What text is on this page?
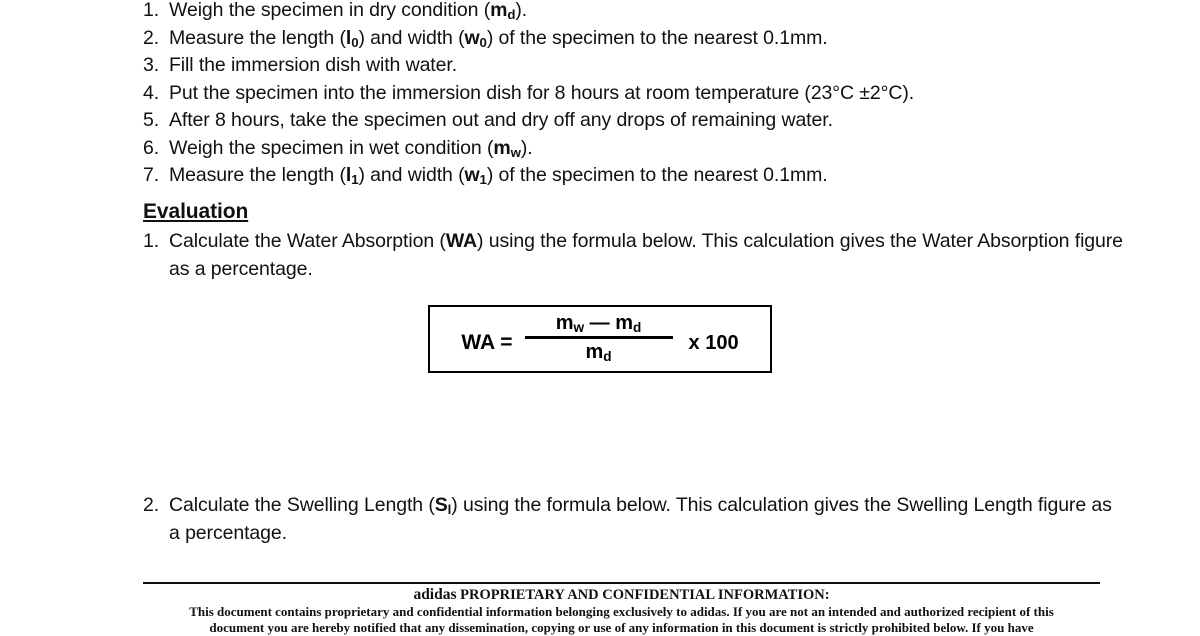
1. Weigh the specimen in dry condition $(m_d)$.
2. Measure the length $(l_0)$ and width $(w_0)$ of the specimen to the nearest 0.1mm.
3. Fill the immersion dish with water.
4. Put the specimen into the immersion dish for 8 hours at room temperature (23°C ±2°C).
5. After 8 hours, take the specimen out and dry off any drops of remaining water.
6. Weigh the specimen in wet condition $(m_w)$.
7. Measure the length $(l_1)$ and width $(w_1)$ of the specimen to the nearest 0.1mm.
Evaluation
1. Calculate the Water Absorption (WA) using the formula below. This calculation gives the Water Absorption figure as a percentage.
WA = $\frac{m_w — m_d}{m_d}$ x 100
2. Calculate the Swelling Length $(S_l)$ using the formula below. This calculation gives the Swelling Length figure as a percentage.
adidas PROPRIETARY AND CONFIDENTIAL INFORMATION:
This document contains proprietary and confidential information belonging exclusively to adidas. If you are not an intended and authorized recipient of this
document you are hereby notified that any dissemination, copying or use of any information in this document is strictly prohibited below. If you have
